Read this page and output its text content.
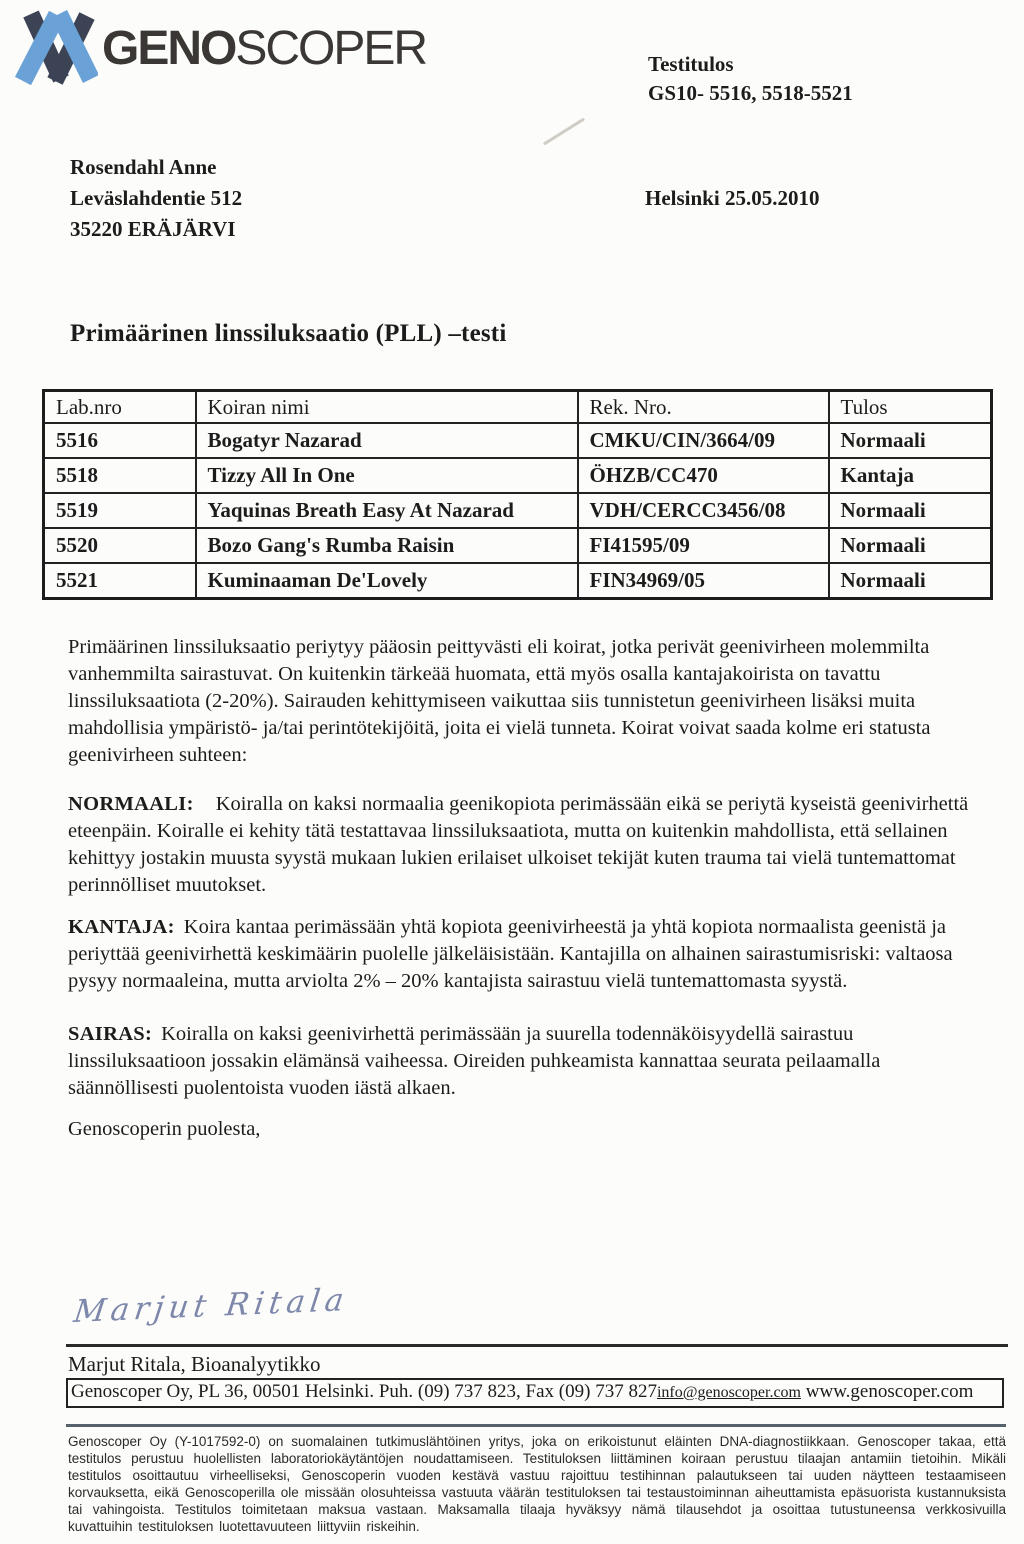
GENOSCOPER	Testitulos
GS10- 5516, 5518-5521
Rosendahl Anne
Leväslahdentie 512
35220 ERÄJÄRVI
Helsinki 25.05.2010
Primäärinen linssiluksaatio (PLL) –testi
Lab.nro	Koiran nimi	Rek. Nro.	Tulos
5516	Bogatyr Nazarad	CMKU/CIN/3664/09	Normaali
5518	Tizzy All In One	ÖHZB/CC470	Kantaja
5519	Yaquinas Breath Easy At Nazarad	VDH/CERCC3456/08	Normaali
5520	Bozo Gang's Rumba Raisin	FI41595/09	Normaali
5521	Kuminaaman De'Lovely	FIN34969/05	Normaali
Primäärinen linssiluksaatio periytyy pääosin peittyvästi eli koirat, jotka perivät geenivirheen molemmilta vanhemmilta sairastuvat. On kuitenkin tärkeää huomata, että myös osalla kantajakoirista on tavattu linssiluksaatiota (2-20%). Sairauden kehittymiseen vaikuttaa siis tunnistetun geenivirheen lisäksi muita mahdollisia ympäristö- ja/tai perintötekijöitä, joita ei vielä tunneta. Koirat voivat saada kolme eri statusta geenivirheen suhteen:
NORMAALI: Koiralla on kaksi normaalia geenikopiota perimässään eikä se periytä kyseistä geenivirhettä eteenpäin. Koiralle ei kehity tätä testattavaa linssiluksaatiota, mutta on kuitenkin mahdollista, että sellainen kehittyy jostakin muusta syystä mukaan lukien erilaiset ulkoiset tekijät kuten trauma tai vielä tuntemattomat perinnölliset muutokset.
KANTAJA: Koira kantaa perimässään yhtä kopiota geenivirheestä ja yhtä kopiota normaalista geenistä ja periyttää geenivirhettä keskimäärin puolelle jälkeläisistään. Kantajilla on alhainen sairastumisriski: valtaosa pysyy normaaleina, mutta arviolta 2% – 20% kantajista sairastuu vielä tuntemattomasta syystä.
SAIRAS: Koiralla on kaksi geenivirhettä perimässään ja suurella todennäköisyydellä sairastuu linssiluksaatioon jossakin elämänsä vaiheessa. Oireiden puhkeamista kannattaa seurata peilaamalla säännöllisesti puolentoista vuoden iästä alkaen.
Genoscoperin puolesta,
Marjut Ritala
Marjut Ritala, Bioanalyytikko
Genoscoper Oy, PL 36, 00501 Helsinki. Puh. (09) 737 823, Fax (09) 737 827info@genoscoper.com www.genoscoper.com
Genoscoper Oy (Y-1017592-0) on suomalainen tutkimuslähtöinen yritys, joka on erikoistunut eläinten DNA-diagnostiikkaan. Genoscoper takaa, että testitulos perustuu huolellisten laboratoriokäytäntöjen noudattamiseen. Testituloksen liittäminen koiraan perustuu tilaajan antamiin tietoihin. Mikäli testitulos osoittautuu virheelliseksi, Genoscoperin vuoden kestävä vastuu rajoittuu testihinnan palautukseen tai uuden näytteen testaamiseen korvauksetta, eikä Genoscoperilla ole missään olosuhteissa vastuuta väärän testituloksen tai testaustoiminnan aiheuttamista epäsuorista kustannuksista tai vahingoista. Testitulos toimitetaan maksua vastaan. Maksamalla tilaaja hyväksyy nämä tilausehdot ja osoittaa tutustuneensa verkkosivuilla kuvattuihin testituloksen luotettavuuteen liittyviin riskeihin.
